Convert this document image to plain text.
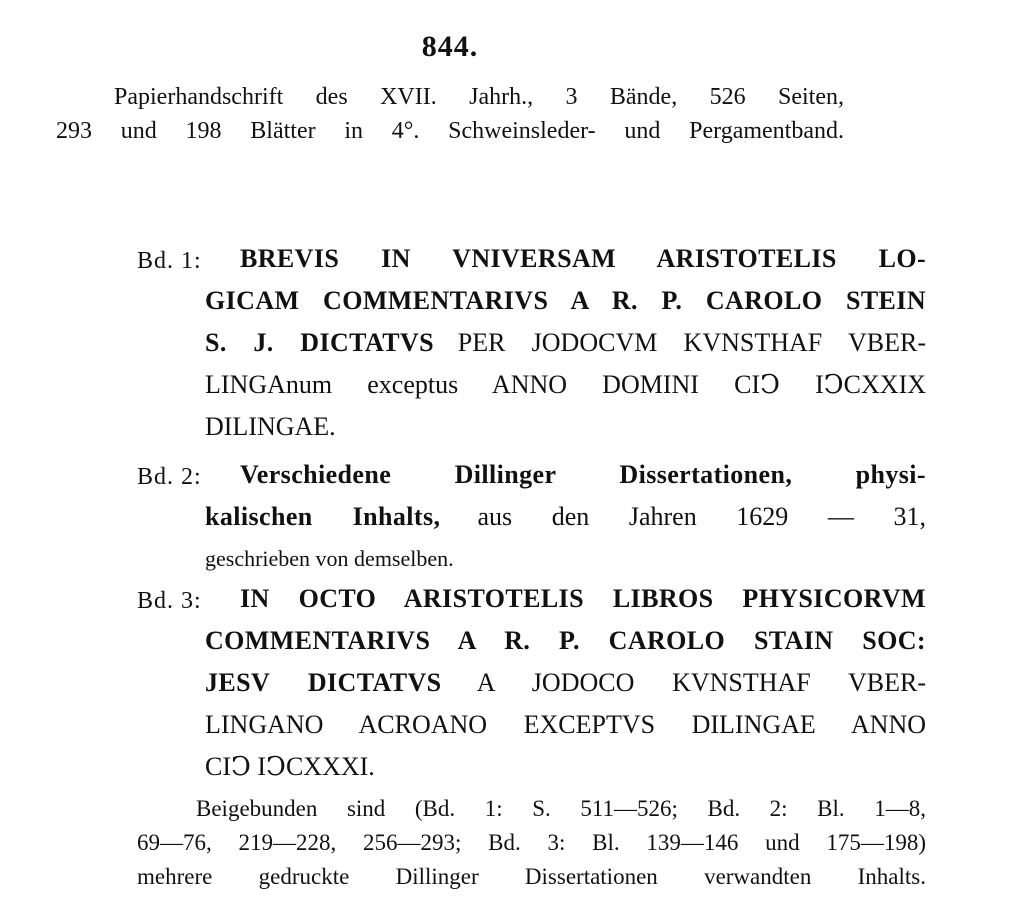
844.
Papierhandschrift des XVII. Jahrh., 3 Bände, 526 Seiten,
293 und 198 Blätter in 4°. Schweinsleder- und Pergamentband.
Bd. 1: BREVIS IN VNIVERSAM ARISTOTELIS LO-
GICAM COMMENTARIVS A R. P. CAROLO STEIN
S. J. DICTATVS PER JODOCVM KVNSTHAF VBER-
LINGAnum exceptus ANNO DOMINI CIↃ IↃCXXIX
DILINGAE.
Bd. 2: Verschiedene Dillinger Dissertationen, physi-
kalischen Inhalts, aus den Jahren 1629 — 31,
geschrieben von demselben.
Bd. 3: IN OCTO ARISTOTELIS LIBROS PHYSICORVM
COMMENTARIVS A R. P. CAROLO STAIN SOC:
JESV DICTATVS A JODOCO KVNSTHAF VBER-
LINGANO ACROANO EXCEPTVS DILINGAE ANNO
CIↃ IↃCXXXI.
Beigebunden sind (Bd. 1: S. 511—526; Bd. 2: Bl. 1—8,
69—76, 219—228, 256—293; Bd. 3: Bl. 139—146 und 175—198)
mehrere gedruckte Dillinger Dissertationen verwandten Inhalts.
